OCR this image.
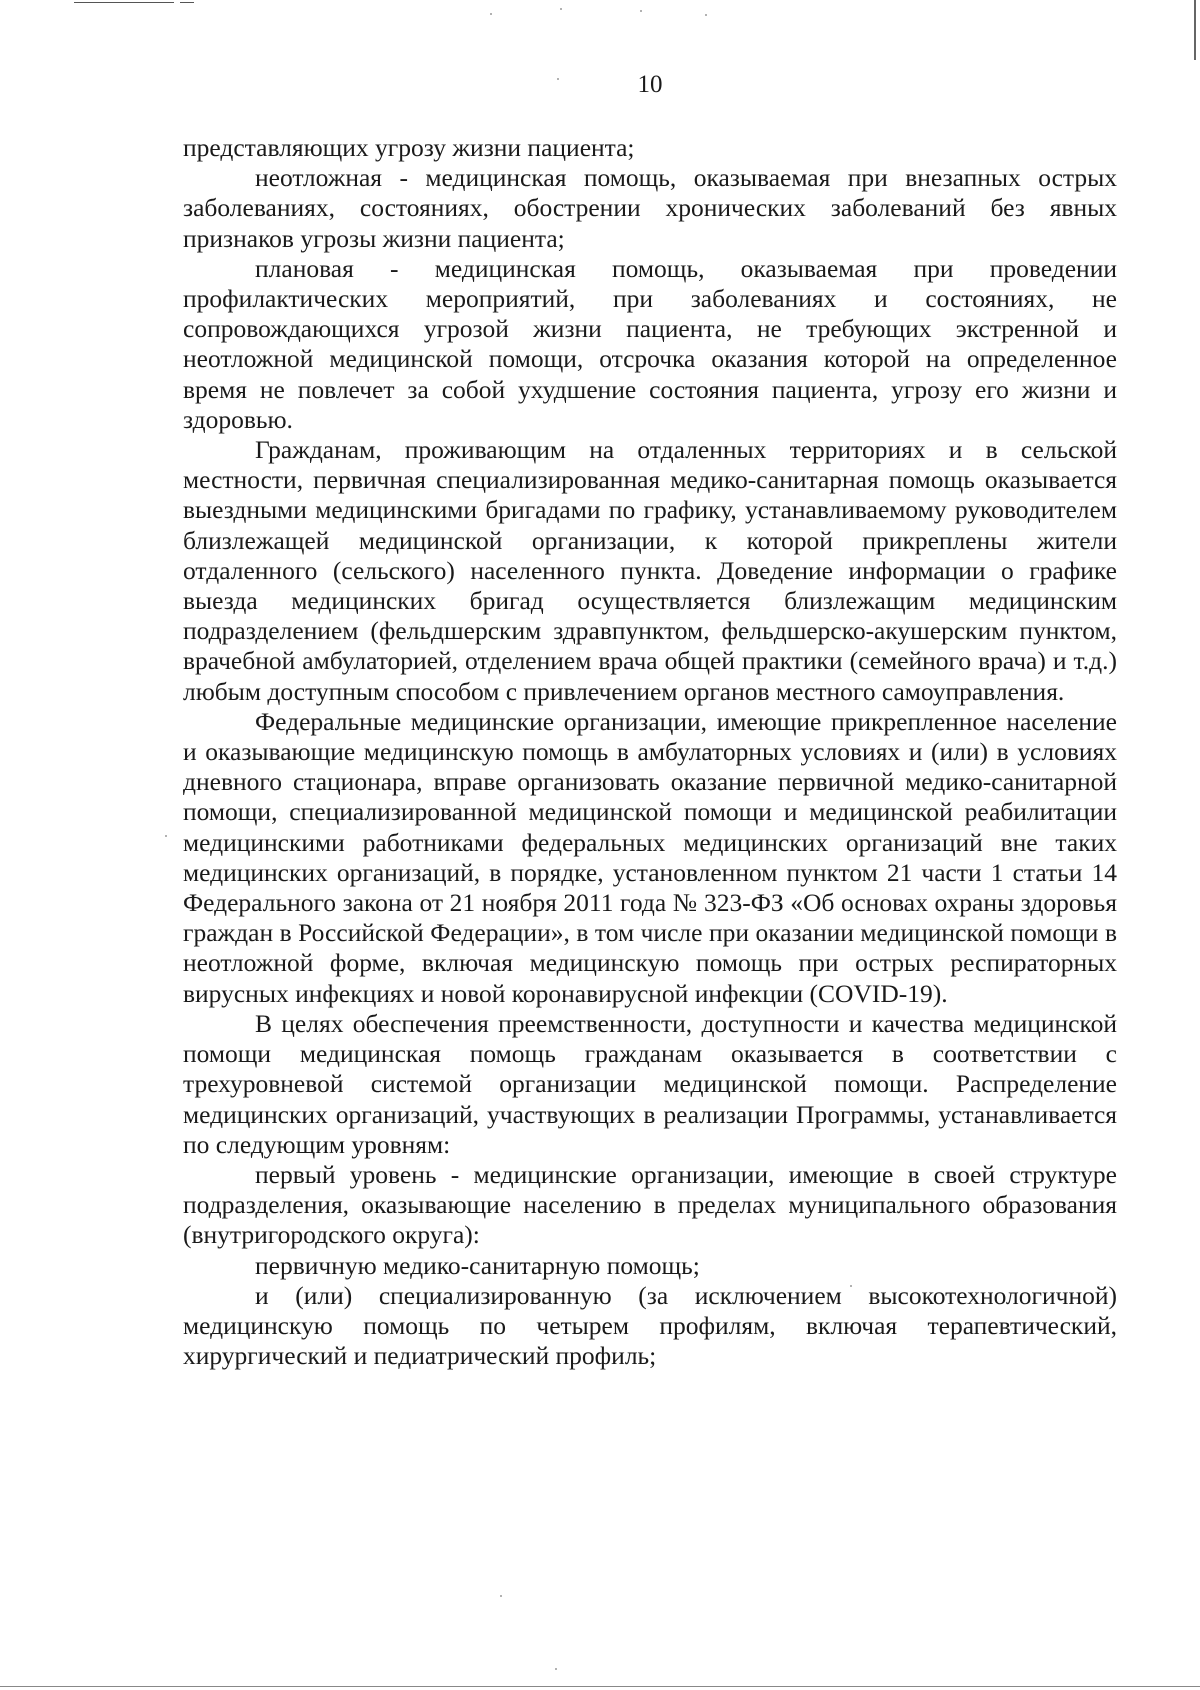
10

представляющих угрозу жизни пациента;

неотложная - медицинская помощь, оказываемая при внезапных острых заболеваниях, состояниях, обострении хронических заболеваний без явных признаков угрозы жизни пациента;

плановая - медицинская помощь, оказываемая при проведении профилактических мероприятий, при заболеваниях и состояниях, не сопровождающихся угрозой жизни пациента, не требующих экстренной и неотложной медицинской помощи, отсрочка оказания которой на определенное время не повлечет за собой ухудшение состояния пациента, угрозу его жизни и здоровью.

Гражданам, проживающим на отдаленных территориях и в сельской местности, первичная специализированная медико-санитарная помощь оказывается выездными медицинскими бригадами по графику, устанавливаемому руководителем близлежащей медицинской организации, к которой прикреплены жители отдаленного (сельского) населенного пункта. Доведение информации о графике выезда медицинских бригад осуществляется близлежащим медицинским подразделением (фельдшерским здравпунктом, фельдшерско-акушерским пунктом, врачебной амбулаторией, отделением врача общей практики (семейного врача) и т.д.) любым доступным способом с привлечением органов местного самоуправления.

Федеральные медицинские организации, имеющие прикрепленное население и оказывающие медицинскую помощь в амбулаторных условиях и (или) в условиях дневного стационара, вправе организовать оказание первичной медико-санитарной помощи, специализированной медицинской помощи и медицинской реабилитации медицинскими работниками федеральных медицинских организаций вне таких медицинских организаций, в порядке, установленном пунктом 21 части 1 статьи 14 Федерального закона от 21 ноября 2011 года № 323-ФЗ «Об основах охраны здоровья граждан в Российской Федерации», в том числе при оказании медицинской помощи в неотложной форме, включая медицинскую помощь при острых респираторных вирусных инфекциях и новой коронавирусной инфекции (COVID-19).

В целях обеспечения преемственности, доступности и качества медицинской помощи медицинская помощь гражданам оказывается в соответствии с трехуровневой системой организации медицинской помощи. Распределение медицинских организаций, участвующих в реализации Программы, устанавливается по следующим уровням:

первый уровень - медицинские организации, имеющие в своей структуре подразделения, оказывающие населению в пределах муниципального образования (внутригородского округа):

первичную медико-санитарную помощь;

и (или) специализированную (за исключением высокотехнологичной) медицинскую помощь по четырем профилям, включая терапевтический, хирургический и педиатрический профиль;
